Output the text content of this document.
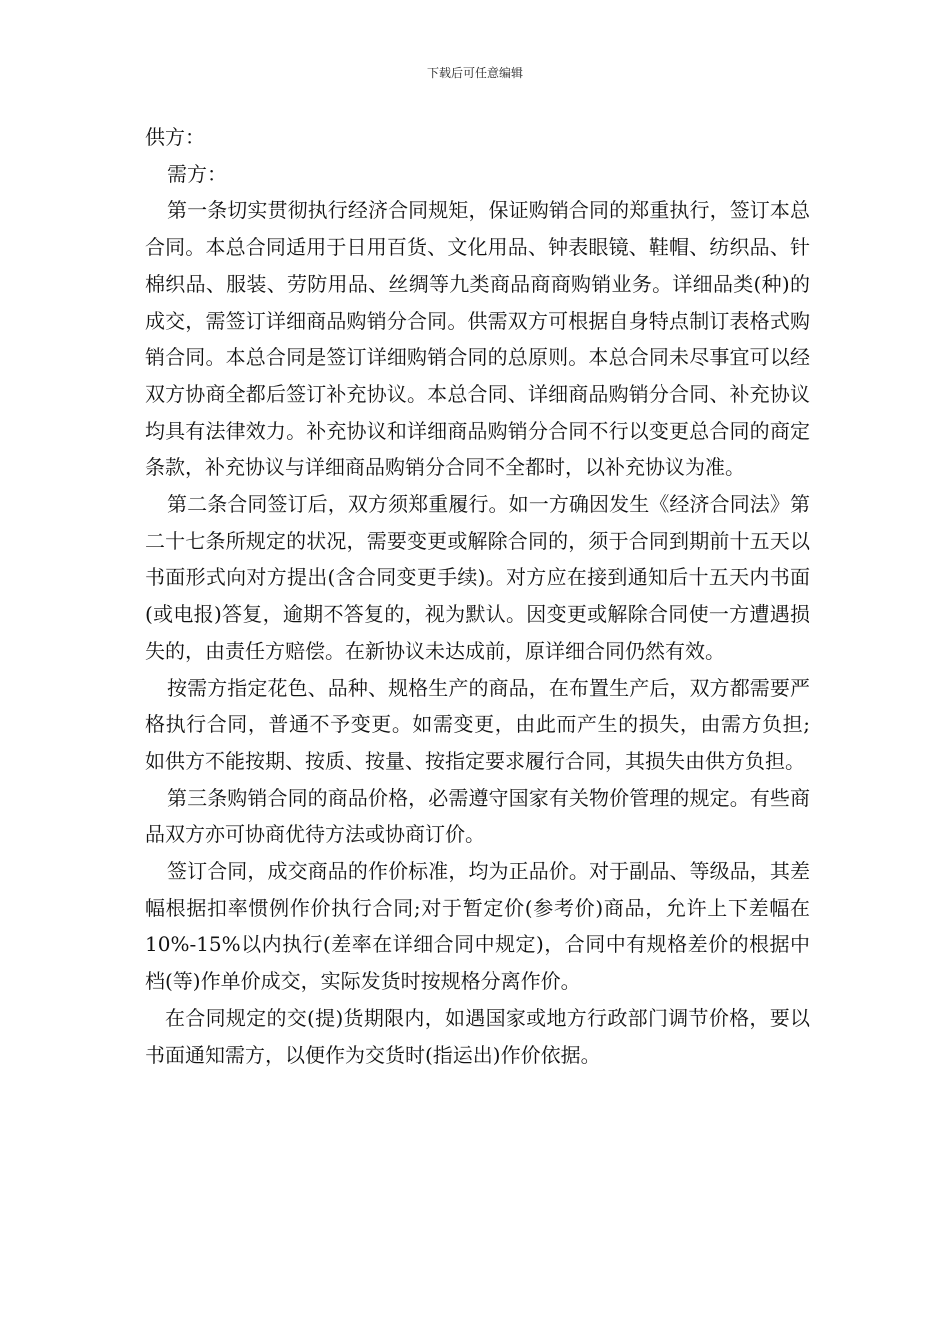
下载后可任意编辑

供方：

需方：

第一条切实贯彻执行经济合同规矩，保证购销合同的郑重执行，签订本总合同。本总合同适用于日用百货、文化用品、钟表眼镜、鞋帽、纺织品、针棉织品、服装、劳防用品、丝绸等九类商品商商购销业务。详细品类(种)的成交，需签订详细商品购销分合同。供需双方可根据自身特点制订表格式购销合同。本总合同是签订详细购销合同的总原则。本总合同未尽事宜可以经双方协商全都后签订补充协议。本总合同、详细商品购销分合同、补充协议均具有法律效力。补充协议和详细商品购销分合同不行以变更总合同的商定条款，补充协议与详细商品购销分合同不全都时，以补充协议为准。

第二条合同签订后，双方须郑重履行。如一方确因发生《经济合同法》第二十七条所规定的状况，需要变更或解除合同的，须于合同到期前十五天以书面形式向对方提出(含合同变更手续)。对方应在接到通知后十五天内书面(或电报)答复，逾期不答复的，视为默认。因变更或解除合同使一方遭遇损失的，由责任方赔偿。在新协议未达成前，原详细合同仍然有效。

按需方指定花色、品种、规格生产的商品，在布置生产后，双方都需要严格执行合同，普通不予变更。如需变更，由此而产生的损失，由需方负担;如供方不能按期、按质、按量、按指定要求履行合同，其损失由供方负担。

第三条购销合同的商品价格，必需遵守国家有关物价管理的规定。有些商品双方亦可协商优待方法或协商订价。

签订合同，成交商品的作价标准，均为正品价。对于副品、等级品，其差幅根据扣率惯例作价执行合同;对于暂定价(参考价)商品，允许上下差幅在 10%-15%以内执行(差率在详细合同中规定)，合同中有规格差价的根据中档(等)作单价成交，实际发货时按规格分离作价。

在合同规定的交(提)货期限内，如遇国家或地方行政部门调节价格，要以书面通知需方，以便作为交货时(指运出)作价依据。
